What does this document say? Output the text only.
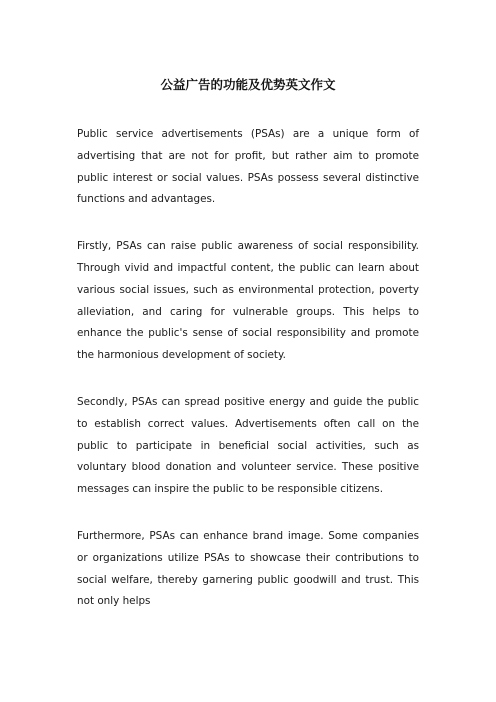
公益广告的功能及优势英文作文

Public service advertisements (PSAs) are a unique form of advertising that are not for profit, but rather aim to promote public interest or social values. PSAs possess several distinctive functions and advantages.

Firstly, PSAs can raise public awareness of social responsibility. Through vivid and impactful content, the public can learn about various social issues, such as environmental protection, poverty alleviation, and caring for vulnerable groups. This helps to enhance the public's sense of social responsibility and promote the harmonious development of society.

Secondly, PSAs can spread positive energy and guide the public to establish correct values. Advertisements often call on the public to participate in beneficial social activities, such as voluntary blood donation and volunteer service. These positive messages can inspire the public to be responsible citizens.

Furthermore, PSAs can enhance brand image. Some companies or organizations utilize PSAs to showcase their contributions to social welfare, thereby garnering public goodwill and trust. This not only helps
